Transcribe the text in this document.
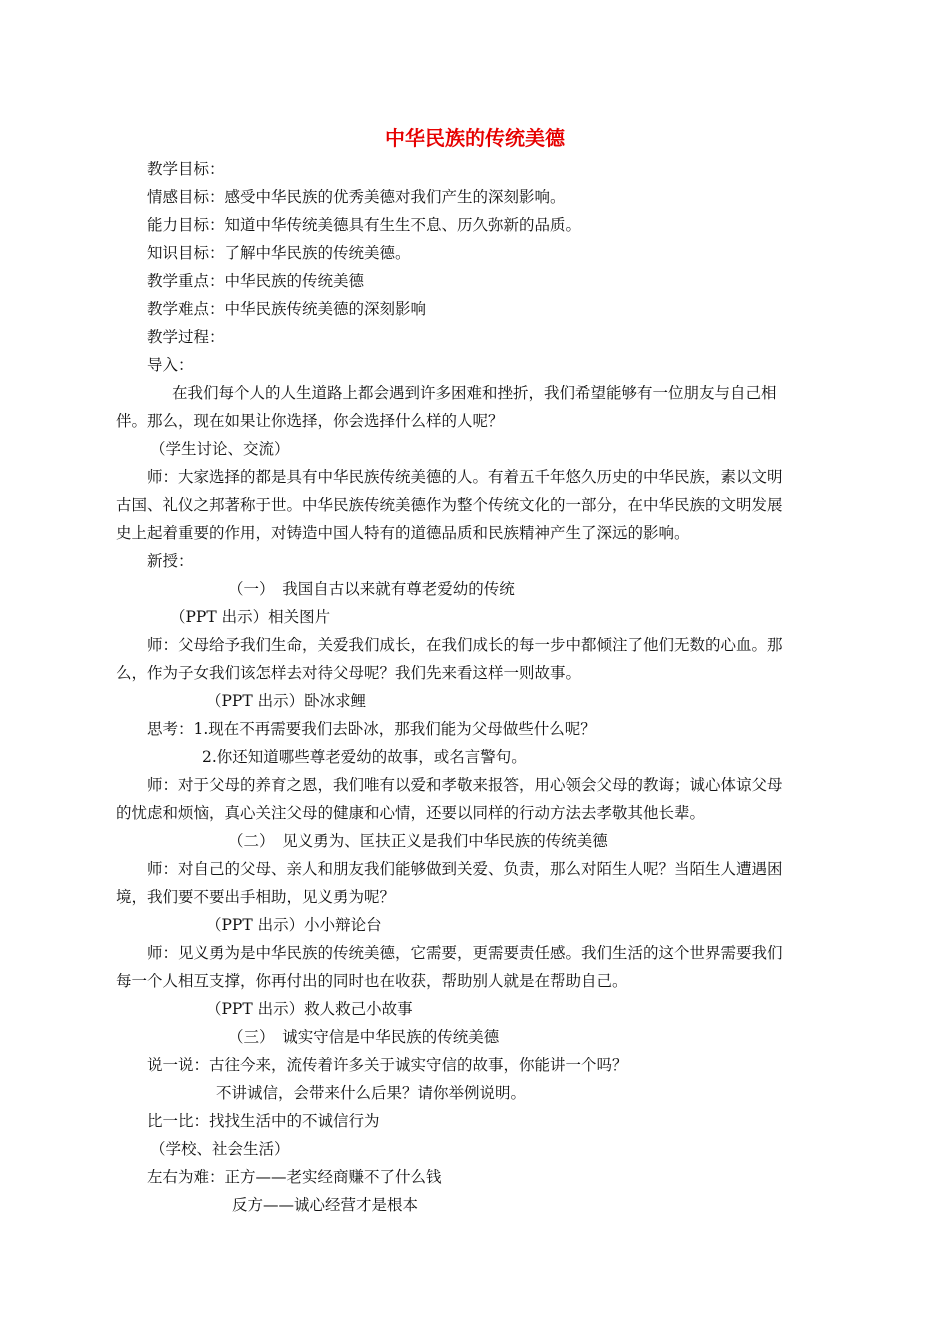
中华民族的传统美德
教学目标：
情感目标：感受中华民族的优秀美德对我们产生的深刻影响。
能力目标：知道中华传统美德具有生生不息、历久弥新的品质。
知识目标：了解中华民族的传统美德。
教学重点：中华民族的传统美德
教学难点：中华民族传统美德的深刻影响
教学过程：
导入：
在我们每个人的人生道路上都会遇到许多困难和挫折，我们希望能够有一位朋友与自己相
伴。那么，现在如果让你选择，你会选择什么样的人呢？
（学生讨论、交流）
师：大家选择的都是具有中华民族传统美德的人。有着五千年悠久历史的中华民族，素以文明
古国、礼仪之邦著称于世。中华民族传统美德作为整个传统文化的一部分，在中华民族的文明发展
史上起着重要的作用，对铸造中国人特有的道德品质和民族精神产生了深远的影响。
新授：
（一）　我国自古以来就有尊老爱幼的传统
（PPT 出示）相关图片
师：父母给予我们生命，关爱我们成长，在我们成长的每一步中都倾注了他们无数的心血。那
么，作为子女我们该怎样去对待父母呢？我们先来看这样一则故事。
（PPT 出示）卧冰求鲤
思考：1.现在不再需要我们去卧冰，那我们能为父母做些什么呢？
2.你还知道哪些尊老爱幼的故事，或名言警句。
师：对于父母的养育之恩，我们唯有以爱和孝敬来报答，用心领会父母的教诲；诚心体谅父母
的忧虑和烦恼，真心关注父母的健康和心情，还要以同样的行动方法去孝敬其他长辈。
（二）　见义勇为、匡扶正义是我们中华民族的传统美德
师：对自己的父母、亲人和朋友我们能够做到关爱、负责，那么对陌生人呢？当陌生人遭遇困
境，我们要不要出手相助，见义勇为呢？
（PPT 出示）小小辩论台
师：见义勇为是中华民族的传统美德，它需要，更需要责任感。我们生活的这个世界需要我们
每一个人相互支撑，你再付出的同时也在收获，帮助别人就是在帮助自己。
（PPT 出示）救人救己小故事
（三）　诚实守信是中华民族的传统美德
说一说：古往今来，流传着许多关于诚实守信的故事，你能讲一个吗？
不讲诚信，会带来什么后果？请你举例说明。
比一比：找找生活中的不诚信行为
（学校、社会生活）
左右为难：正方——老实经商赚不了什么钱
反方——诚心经营才是根本
